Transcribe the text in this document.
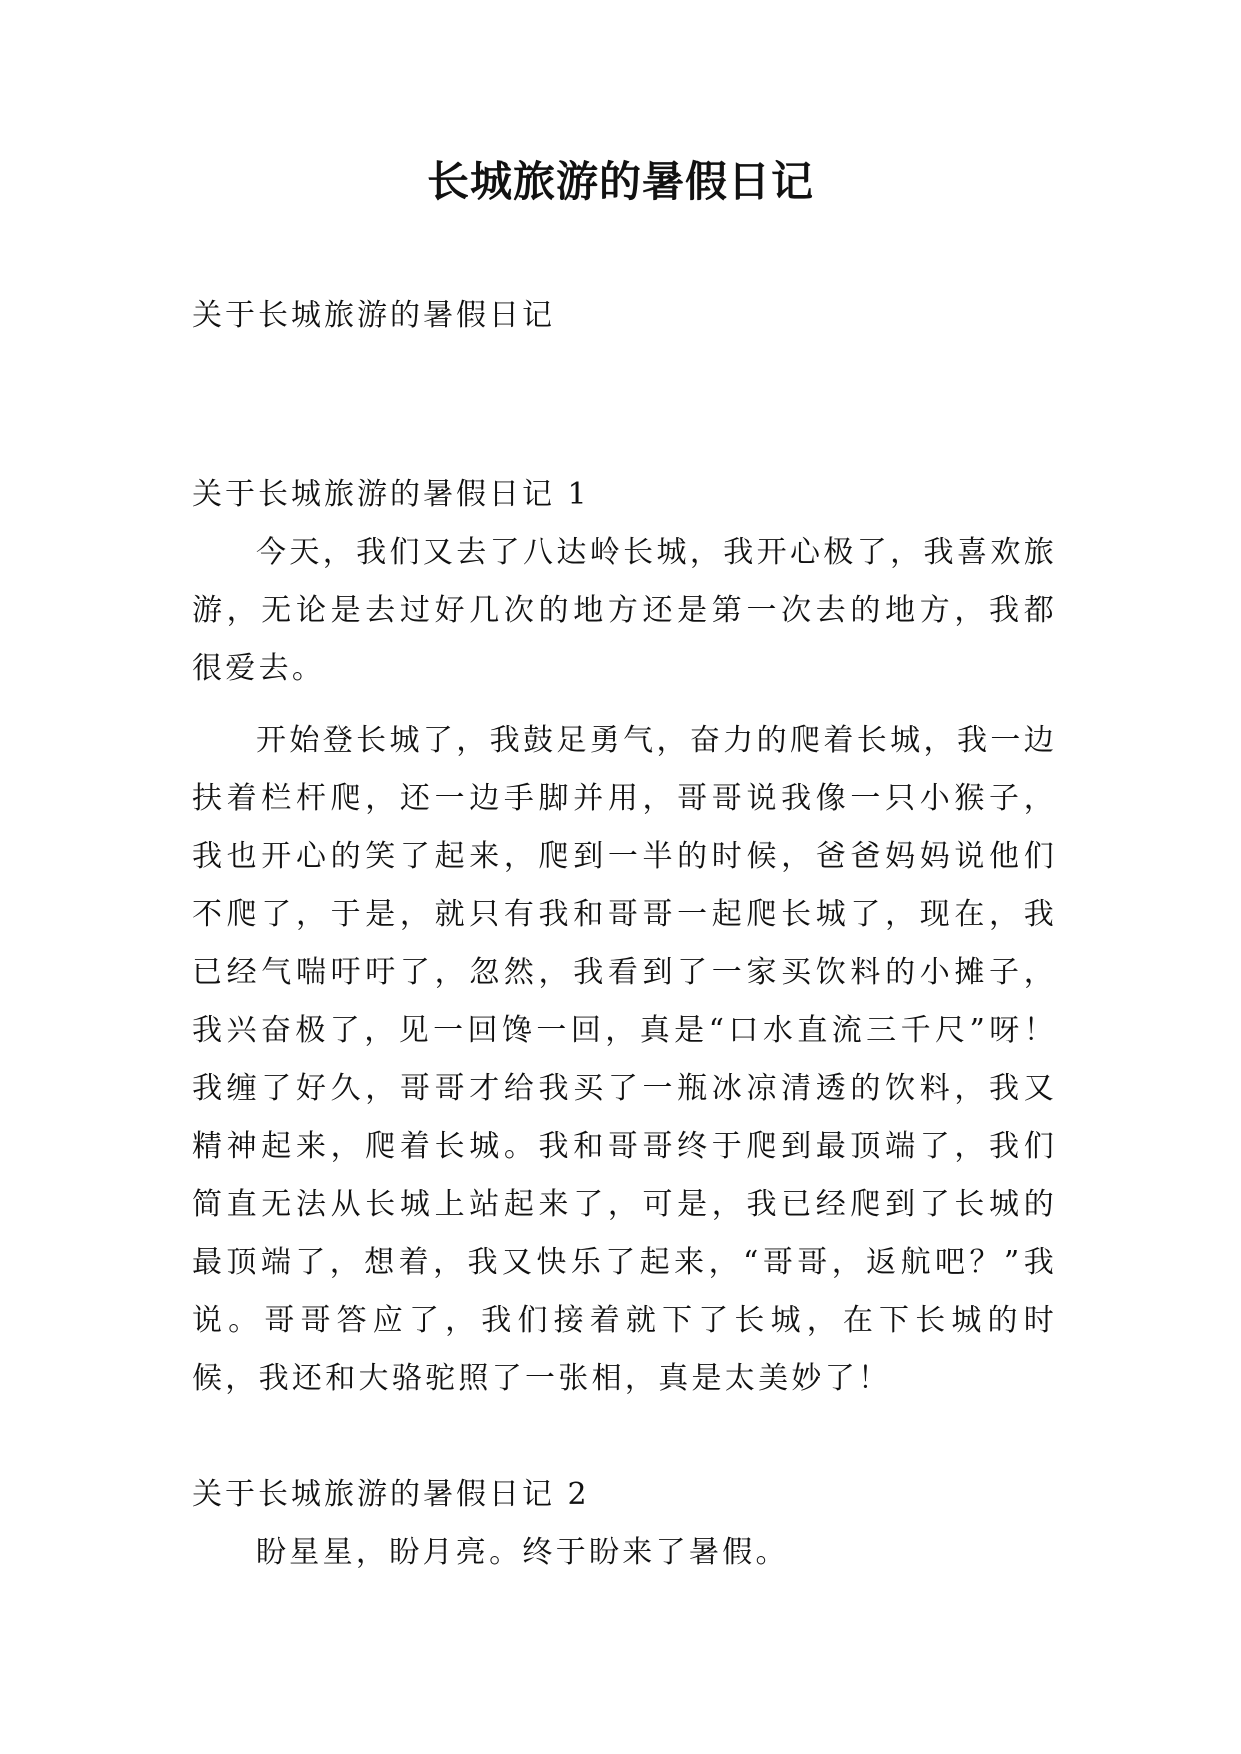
长城旅游的暑假日记

关于长城旅游的暑假日记

关于长城旅游的暑假日记 1

今天，我们又去了八达岭长城，我开心极了，我喜欢旅游，无论是去过好几次的地方还是第一次去的地方，我都很爱去。

开始登长城了，我鼓足勇气，奋力的爬着长城，我一边扶着栏杆爬，还一边手脚并用，哥哥说我像一只小猴子，我也开心的笑了起来，爬到一半的时候，爸爸妈妈说他们不爬了，于是，就只有我和哥哥一起爬长城了，现在，我已经气喘吁吁了，忽然，我看到了一家买饮料的小摊子，我兴奋极了，见一回馋一回，真是“口水直流三千尺”呀！我缠了好久，哥哥才给我买了一瓶冰凉清透的饮料，我又精神起来，爬着长城。我和哥哥终于爬到最顶端了，我们简直无法从长城上站起来了，可是，我已经爬到了长城的最顶端了，想着，我又快乐了起来，“哥哥，返航吧？”我说。哥哥答应了，我们接着就下了长城，在下长城的时候，我还和大骆驼照了一张相，真是太美妙了！

关于长城旅游的暑假日记 2

盼星星，盼月亮。终于盼来了暑假。
